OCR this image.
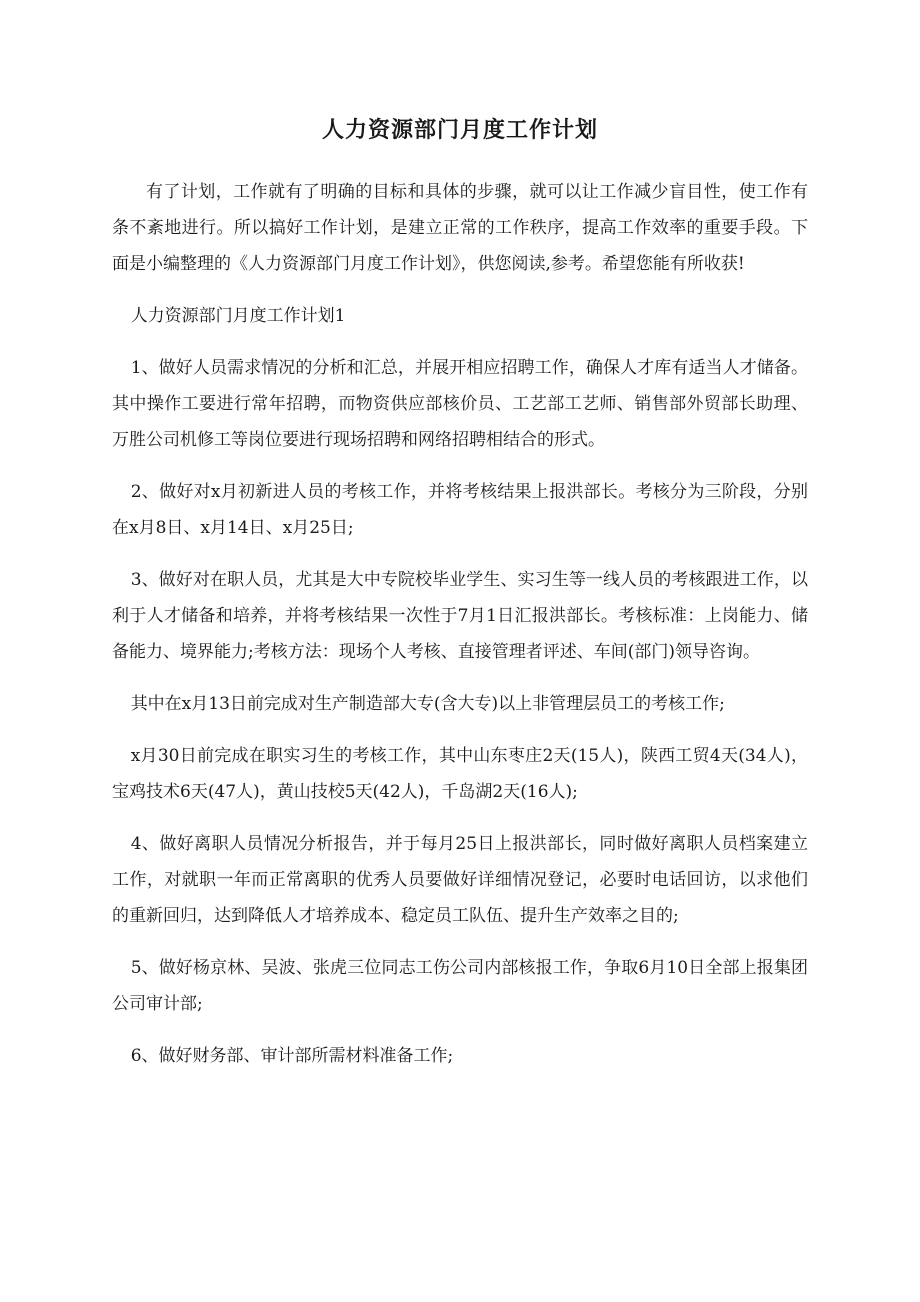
人力资源部门月度工作计划

有了计划，工作就有了明确的目标和具体的步骤，就可以让工作减少盲目性，使工作有条不紊地进行。所以搞好工作计划，是建立正常的工作秩序，提高工作效率的重要手段。下面是小编整理的《人力资源部门月度工作计划》，供您阅读,参考。希望您能有所收获!

人力资源部门月度工作计划1

1、做好人员需求情况的分析和汇总，并展开相应招聘工作，确保人才库有适当人才储备。其中操作工要进行常年招聘，而物资供应部核价员、工艺部工艺师、销售部外贸部长助理、万胜公司机修工等岗位要进行现场招聘和网络招聘相结合的形式。

2、做好对x月初新进人员的考核工作，并将考核结果上报洪部长。考核分为三阶段，分别在x月8日、x月14日、x月25日;

3、做好对在职人员，尤其是大中专院校毕业学生、实习生等一线人员的考核跟进工作，以利于人才储备和培养，并将考核结果一次性于7月1日汇报洪部长。考核标准：上岗能力、储备能力、境界能力;考核方法：现场个人考核、直接管理者评述、车间(部门)领导咨询。

其中在x月13日前完成对生产制造部大专(含大专)以上非管理层员工的考核工作;

x月30日前完成在职实习生的考核工作，其中山东枣庄2天(15人)，陕西工贸4天(34人)，宝鸡技术6天(47人)，黄山技校5天(42人)，千岛湖2天(16人);

4、做好离职人员情况分析报告，并于每月25日上报洪部长，同时做好离职人员档案建立工作，对就职一年而正常离职的优秀人员要做好详细情况登记，必要时电话回访，以求他们的重新回归，达到降低人才培养成本、稳定员工队伍、提升生产效率之目的;

5、做好杨京林、吴波、张虎三位同志工伤公司内部核报工作，争取6月10日全部上报集团公司审计部;

6、做好财务部、审计部所需材料准备工作;
